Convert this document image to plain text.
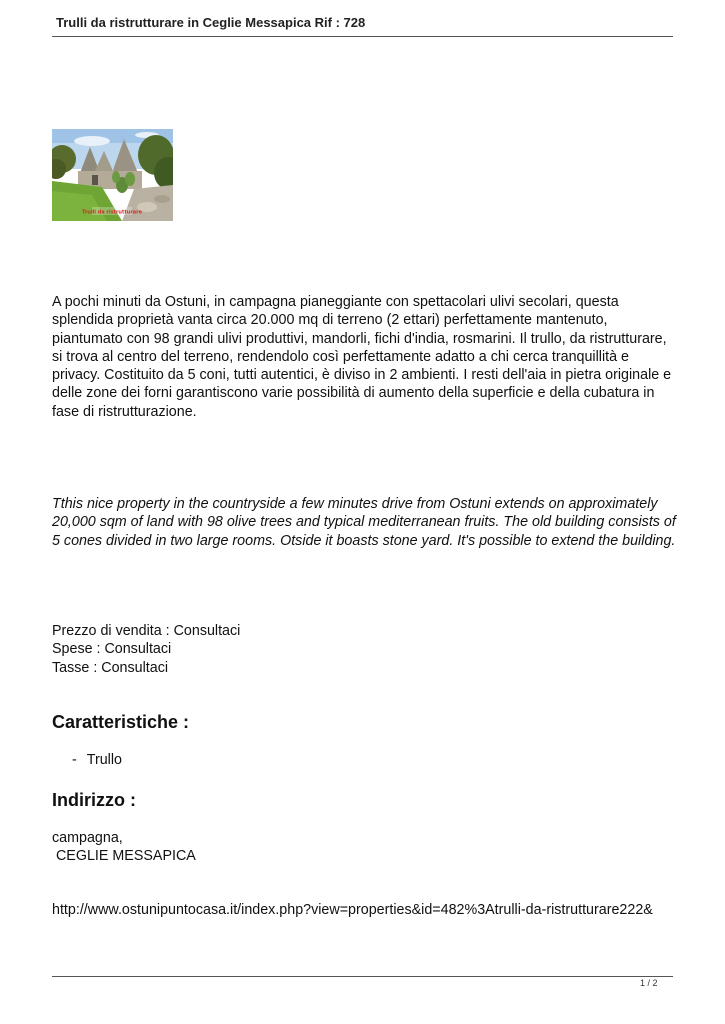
Trulli da ristrutturare in Ceglie Messapica Rif : 728
Trulli da ristrutturare
A pochi minuti da Ostuni, in campagna pianeggiante con spettacolari ulivi secolari, questa splendida proprietà vanta circa 20.000 mq di terreno (2 ettari) perfettamente mantenuto, piantumato con 98 grandi ulivi produttivi, mandorli, fichi d'india, rosmarini. Il trullo, da ristrutturare, si trova al centro del terreno, rendendolo così perfettamente adatto a chi cerca tranquillità e privacy. Costituito da 5 coni, tutti autentici, è diviso in 2 ambienti. I resti dell'aia in pietra originale e delle zone dei forni garantiscono varie possibilità di aumento della superficie e della cubatura in fase di ristrutturazione.
Tthis nice property in the countryside a few minutes drive from Ostuni extends on approximately 20,000 sqm of land with 98 olive trees and typical mediterranean fruits. The old building consists of 5 cones divided in two large rooms. Otside it boasts stone yard. It's possible to extend the building.
Prezzo di vendita : Consultaci
Spese : Consultaci
Tasse : Consultaci
Caratteristiche :
- Trullo
Indirizzo :
campagna,
CEGLIE MESSAPICA
http://www.ostunipuntocasa.it/index.php?view=properties&id=482%3Atrulli-da-ristrutturare222&
1 / 2
